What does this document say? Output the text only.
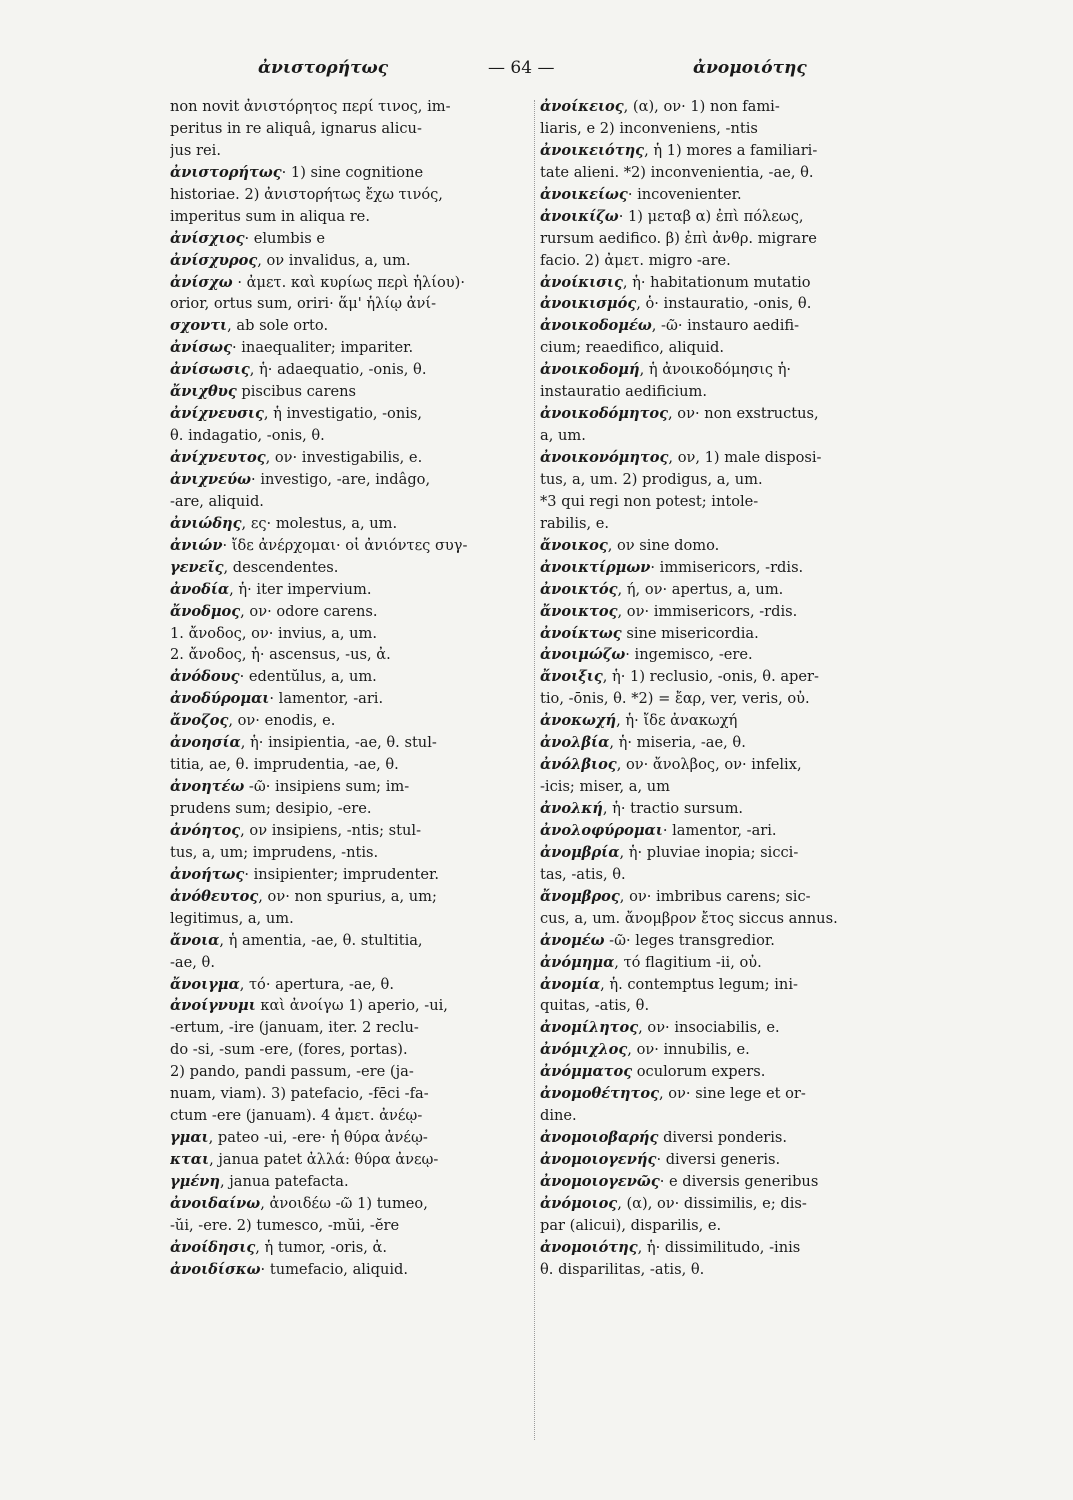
ἀνιστορήτως	— 64 —	ἀνομοιότης
non novit ἀνιστόρητος περί τινος, im-
peritus in re aliquâ, ignarus alicu-
jus rei.
ἀνιστορήτως· 1) sine cognitione
historiae. 2) ἀνιστορήτως ἔχω τινός,
imperitus sum in aliqua re.
ἀνίσχιος· elumbis e
ἀνίσχυρος, ον invalidus, a, um.
ἀνίσχω · ἀμετ. καὶ κυρίως περὶ ἡλίου)·
orior, ortus sum, oriri· ἅμ' ἡλίῳ ἀνί-
σχοντι, ab sole orto.
ἀνίσως· inaequaliter; impariter.
ἀνίσωσις, ἡ· adaequatio, -onis, θ.
ἄνιχθυς piscibus carens
ἀνίχνευσις, ἡ investigatio, -onis,
θ. indagatio, -onis, θ.
ἀνίχνευτος, ον· investigabilis, e.
ἀνιχνεύω· investigo, -are, indâgo,
-are, aliquid.
ἀνιώδης, ες· molestus, a, um.
ἀνιών· ἴδε ἀνέρχομαι· οἱ ἀνιόντες συγ-
γενεῖς, descendentes.
ἀνοδία, ἡ· iter impervium.
ἄνοδμος, ον· odore carens.
1. ἄνοδος, ον· invius, a, um.
2. ἄνοδος, ἡ· ascensus, -us, ἀ.
ἀνόδους· edentŭlus, a, um.
ἀνοδύρομαι· lamentor, -ari.
ἄνοζος, ον· enodis, e.
ἀνοησία, ἡ· insipientia, -ae, θ. stul-
titia, ae, θ. imprudentia, -ae, θ.
ἀνοητέω -ῶ· insipiens sum; im-
prudens sum; desipio, -ere.
ἀνόητος, ον insipiens, -ntis; stul-
tus, a, um; imprudens, -ntis.
ἀνοήτως· insipienter; imprudenter.
ἀνόθευτος, ον· non spurius, a, um;
legitimus, a, um.
ἄνοια, ἡ amentia, -ae, θ. stultitia,
-ae, θ.
ἄνοιγμα, τό· apertura, -ae, θ.
ἀνοίγνυμι καὶ ἀνοίγω 1) aperio, -ui,
-ertum, -ire (januam, iter. 2 reclu-
do -si, -sum -ere, (fores, portas).
2) pando, pandi passum, -ere (ja-
nuam, viam). 3) patefacio, -fēci -fa-
ctum -ere (januam). 4 ἀμετ. ἀνέῳ-
γμαι, pateo -ui, -ere· ἡ θύρα ἀνέῳ-
κται, janua patet ἀλλά: θύρα ἀνεῳ-
γμένη, janua patefacta.
ἀνοιδαίνω, ἀνοιδέω -ῶ 1) tumeo,
-ŭi, -ere. 2) tumesco, -mŭi, -ĕre
ἀνοίδησις, ἡ tumor, -oris, ἀ.
ἀνοιδίσκω· tumefacio, aliquid.
ἀνοίκειος, (α), ον· 1) non fami-
liaris, e 2) inconveniens, -ntis
ἀνοικειότης, ἡ 1) mores a familiari-
tate alieni. *2) inconvenientia, -ae, θ.
ἀνοικείως· incovenienter.
ἀνοικίζω· 1) μεταβ α) ἐπὶ πόλεως,
rursum aedifico. β) ἐπὶ ἀνθρ. migrare
facio. 2) ἀμετ. migro -are.
ἀνοίκισις, ἡ· habitationum mutatio
ἀνοικισμός, ὁ· instauratio, -onis, θ.
ἀνοικοδομέω, -ῶ· instauro aedifi-
cium; reaedifico, aliquid.
ἀνοικοδομή, ἡ ἀνοικοδόμησις ἡ·
instauratio aedificium.
ἀνοικοδόμητος, ον· non exstructus,
a, um.
ἀνοικονόμητος, ον, 1) male disposi-
tus, a, um. 2) prodigus, a, um.
*3 qui regi non potest; intole-
rabilis, e.
ἄνοικος, ον sine domo.
ἀνοικτίρμων· immisericors, -rdis.
ἀνοικτός, ή, ον· apertus, a, um.
ἄνοικτος, ον· immisericors, -rdis.
ἀνοίκτως sine misericordia.
ἀνοιμώζω· ingemisco, -ere.
ἄνοιξις, ἡ· 1) reclusio, -onis, θ. aper-
tio, -ōnis, θ. *2) = ἔαρ, ver, veris, οὐ.
ἀνοκωχή, ἡ· ἴδε ἀνακωχή
ἀνολβία, ἡ· miseria, -ae, θ.
ἀνόλβιος, ον· ἄνολβος, ον· infelix,
-icis; miser, a, um
ἀνολκή, ἡ· tractio sursum.
ἀνολοφύρομαι· lamentor, -ari.
ἀνομβρία, ἡ· pluviae inopia; sicci-
tas, -atis, θ.
ἄνομβρος, ον· imbribus carens; sic-
cus, a, um. ἄνομβρον ἔτος siccus annus.
ἀνομέω -ῶ· leges transgredior.
ἀνόμημα, τό flagitium -ii, οὐ.
ἀνομία, ἡ. contemptus legum; ini-
quitas, -atis, θ.
ἀνομίλητος, ον· insociabilis, e.
ἀνόμιχλος, ον· innubilis, e.
ἀνόμματος oculorum expers.
ἀνομοθέτητος, ον· sine lege et or-
dine.
ἀνομοιοβαρής diversi ponderis.
ἀνομοιογενής· diversi generis.
ἀνομοιογενῶς· e diversis generibus
ἀνόμοιος, (α), ον· dissimilis, e; dis-
par (alicui), disparilis, e.
ἀνομοιότης, ἡ· dissimilitudo, -inis
θ. disparilitas, -atis, θ.
